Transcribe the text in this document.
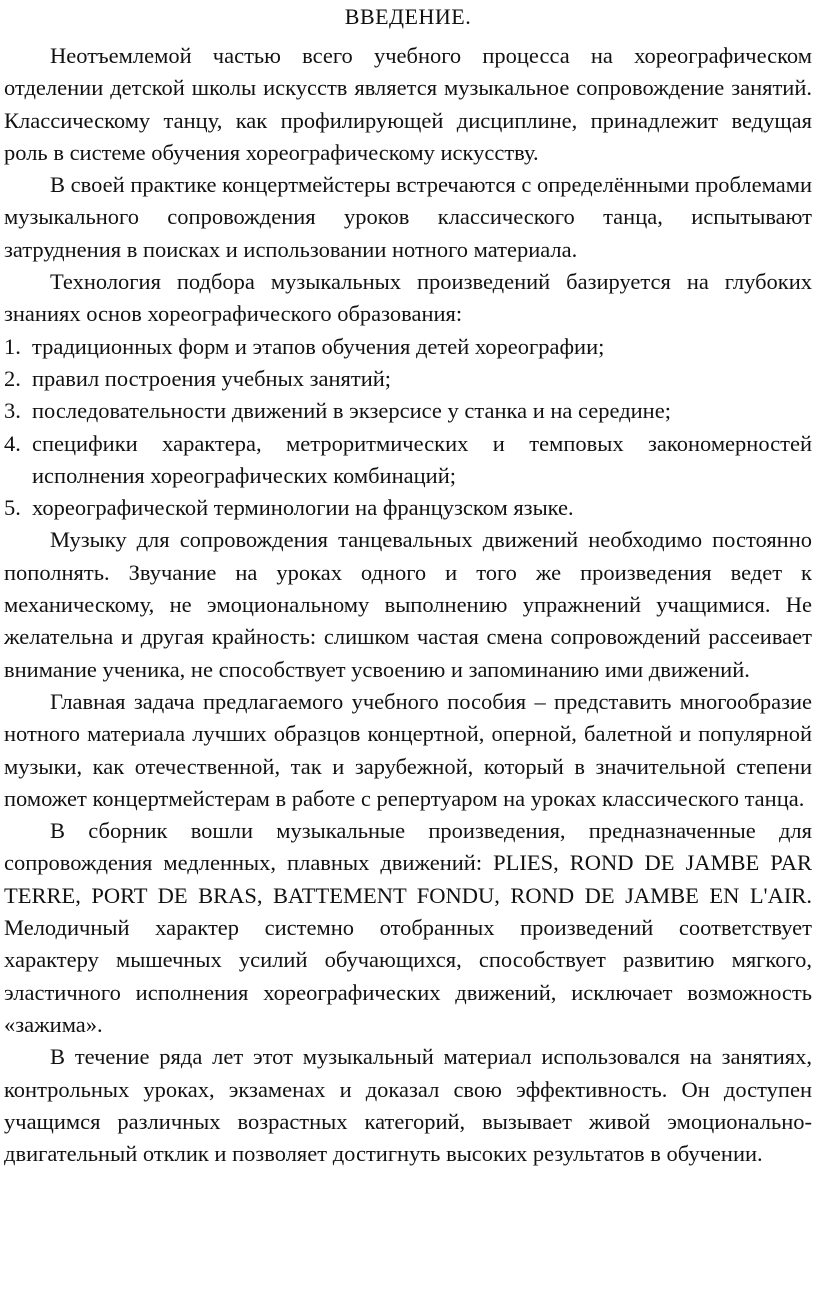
ВВЕДЕНИЕ.

Неотъемлемой частью всего учебного процесса на хореографическом отделении детской школы искусств является музыкальное сопровождение занятий. Классическому танцу, как профилирующей дисциплине, принадлежит ведущая роль в системе обучения хореографическому искусству.

В своей практике концертмейстеры встречаются с определёнными проблемами музыкального сопровождения уроков классического танца, испытывают затруднения в поисках и использовании нотного материала.

Технология подбора музыкальных произведений базируется на глубоких знаниях основ хореографического образования:

1. традиционных форм и этапов обучения детей хореографии;
2. правил построения учебных занятий;
3. последовательности движений в экзерсисе у станка и на середине;
4. специфики характера, метроритмических и темповых закономерностей исполнения хореографических комбинаций;
5. хореографической терминологии на французском языке.

Музыку для сопровождения танцевальных движений необходимо постоянно пополнять. Звучание на уроках одного и того же произведения ведет к механическому, не эмоциональному выполнению упражнений учащимися. Не желательна и другая крайность: слишком частая смена сопровождений рассеивает внимание ученика, не способствует усвоению и запоминанию ими движений.

Главная задача предлагаемого учебного пособия – представить многообразие нотного материала лучших образцов концертной, оперной, балетной и популярной музыки, как отечественной, так и зарубежной, который в значительной степени поможет концертмейстерам в работе с репертуаром на уроках классического танца.

В сборник вошли музыкальные произведения, предназначенные для сопровождения медленных, плавных движений: PLIES, ROND DE JAMBE PAR TERRE, PORT DE BRAS, BATTEMENT FONDU, ROND DE JAMBE EN L'AIR. Мелодичный характер системно отобранных произведений соответствует характеру мышечных усилий обучающихся, способствует развитию мягкого, эластичного исполнения хореографических движений, исключает возможность «зажима».

В течение ряда лет этот музыкальный материал использовался на занятиях, контрольных уроках, экзаменах и доказал свою эффективность. Он доступен учащимся различных возрастных категорий, вызывает живой эмоционально-двигательный отклик и позволяет достигнуть высоких результатов в обучении.
